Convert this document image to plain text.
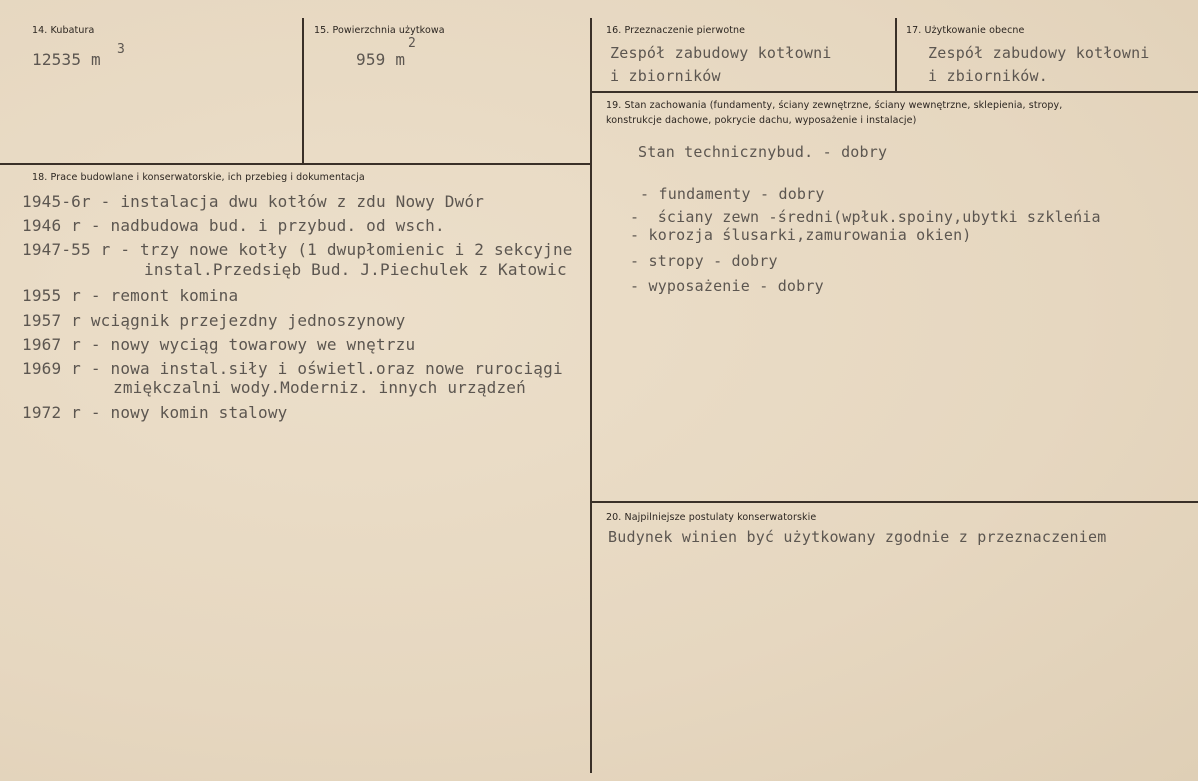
14. Kubatura
12535 m
3
15. Powierzchnia użytkowa
959 m
2
16. Przeznaczenie pierwotne
Zespół zabudowy kotłowni
i zbiorników
17. Użytkowanie obecne
Zespół zabudowy kotłowni
i zbiorników.
18. Prace budowlane i konserwatorskie, ich przebieg i dokumentacja
1945-6r - instalacja dwu kotłów z zdu Nowy Dwór
1946 r - nadbudowa bud. i przybud. od wsch.
1947-55 r - trzy nowe kotły (1 dwupłomienic i 2 sekcyjne
instal.Przedsięb Bud. J.Piechulek z Katowic
1955 r - remont komina
1957 r wciągnik przejezdny jednoszynowy
1967 r - nowy wyciąg towarowy we wnętrzu
1969 r - nowa instal.siły i oświetl.oraz nowe rurociągi
zmiękczalni wody.Moderniz. innych urządzeń
1972 r - nowy komin stalowy
19. Stan zachowania (fundamenty, ściany zewnętrzne, ściany wewnętrzne, sklepienia, stropy,
konstrukcje dachowe, pokrycie dachu, wyposażenie i instalacje)
Stan technicznybud. - dobry
- fundamenty - dobry
-  ściany zewn -średni(wpłuk.spoiny,ubytki szkleńia
- korozja ślusarki,zamurowania okien)
- stropy - dobry
- wyposażenie - dobry
20. Najpilniejsze postulaty konserwatorskie
Budynek winien być użytkowany zgodnie z przeznaczeniem
